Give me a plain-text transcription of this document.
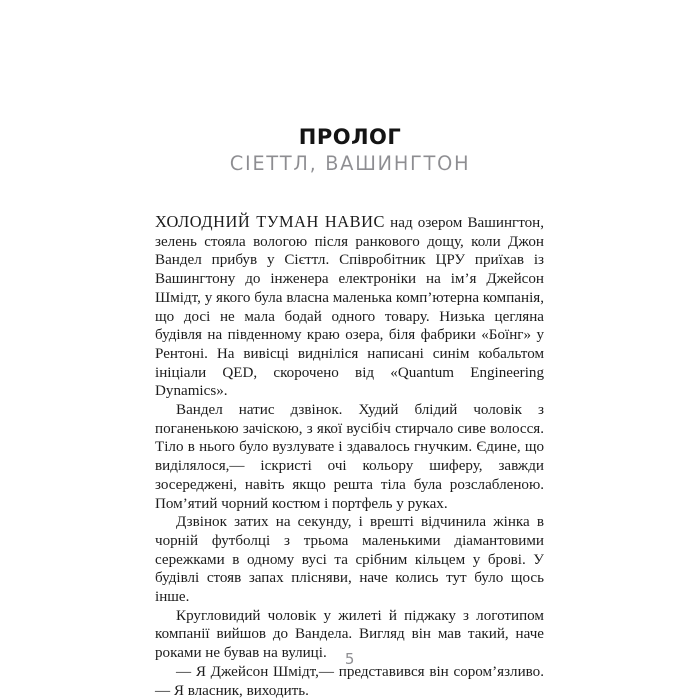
ПРОЛОГ
СІЕТТЛ, ВАШИНГТОН

ХОЛОДНИЙ ТУМАН НАВИС над озером Вашингтон, зелень стояла вологою після ранкового дощу, коли Джон Вандел прибув у Сієттл. Співробітник ЦРУ приїхав із Вашингтону до інженера електроніки на ім’я Джейсон Шмідт, у якого була власна маленька комп’ютерна компанія, що досі не мала бодай одного товару. Низька цегляна будівля на південному краю озера, біля фабрики «Боїнг» у Рентоні. На вивісці видніліся написані синім кобальтом ініціали QED, скорочено від «Quantum Engineering Dynamics».

Вандел натис дзвінок. Худий блідий чоловік з поганенькою зачіскою, з якої вусібіч стирчало сиве волосся. Тіло в нього було вузлувате і здавалось гнучким. Єдине, що виділялося,— іскристі очі кольору шиферу, завжди зосереджені, навіть якщо решта тіла була розслабленою. Пом’ятий чорний костюм і портфель у руках.

Дзвінок затих на секунду, і врешті відчинила жінка в чорній футболці з трьома маленькими діамантовими сережками в одному вусі та срібним кільцем у брові. У будівлі стояв запах плісняви, наче колись тут було щось інше.

Кругловидий чоловік у жилеті й піджаку з логотипом компанії вийшов до Вандела. Вигляд він мав такий, наче роками не бував на вулиці.

— Я Джейсон Шмідт,— представився він сором’язливо.— Я власник, виходить.

5
